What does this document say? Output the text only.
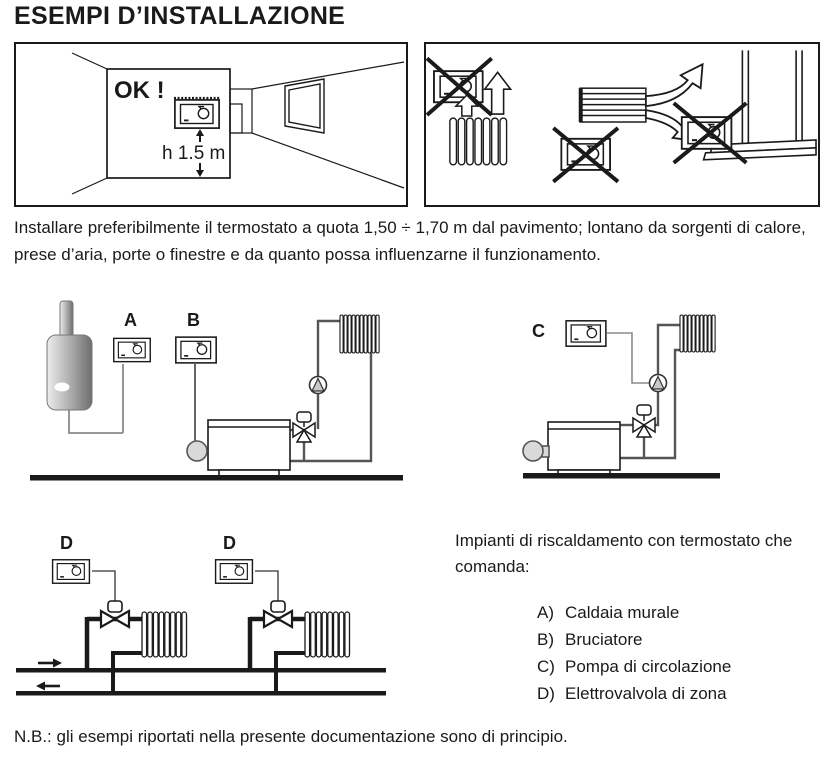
ESEMPI D’INSTALLAZIONE
OK !
h 1.5 m

Installare preferibilmente il termostato a quota 1,50 ÷ 1,70 m dal pavimento; lontano da sorgenti di calore, prese d’aria, porte o finestre e da quanto possa influenzarne il funzionamento.

A	B
C
D	D	Impianti di riscaldamento con termostato che comanda:

A) Caldaia murale
B) Bruciatore
C) Pompa di circolazione
D) Elettrovalvola di zona

N.B.: gli esempi riportati nella presente documentazione sono di principio.
